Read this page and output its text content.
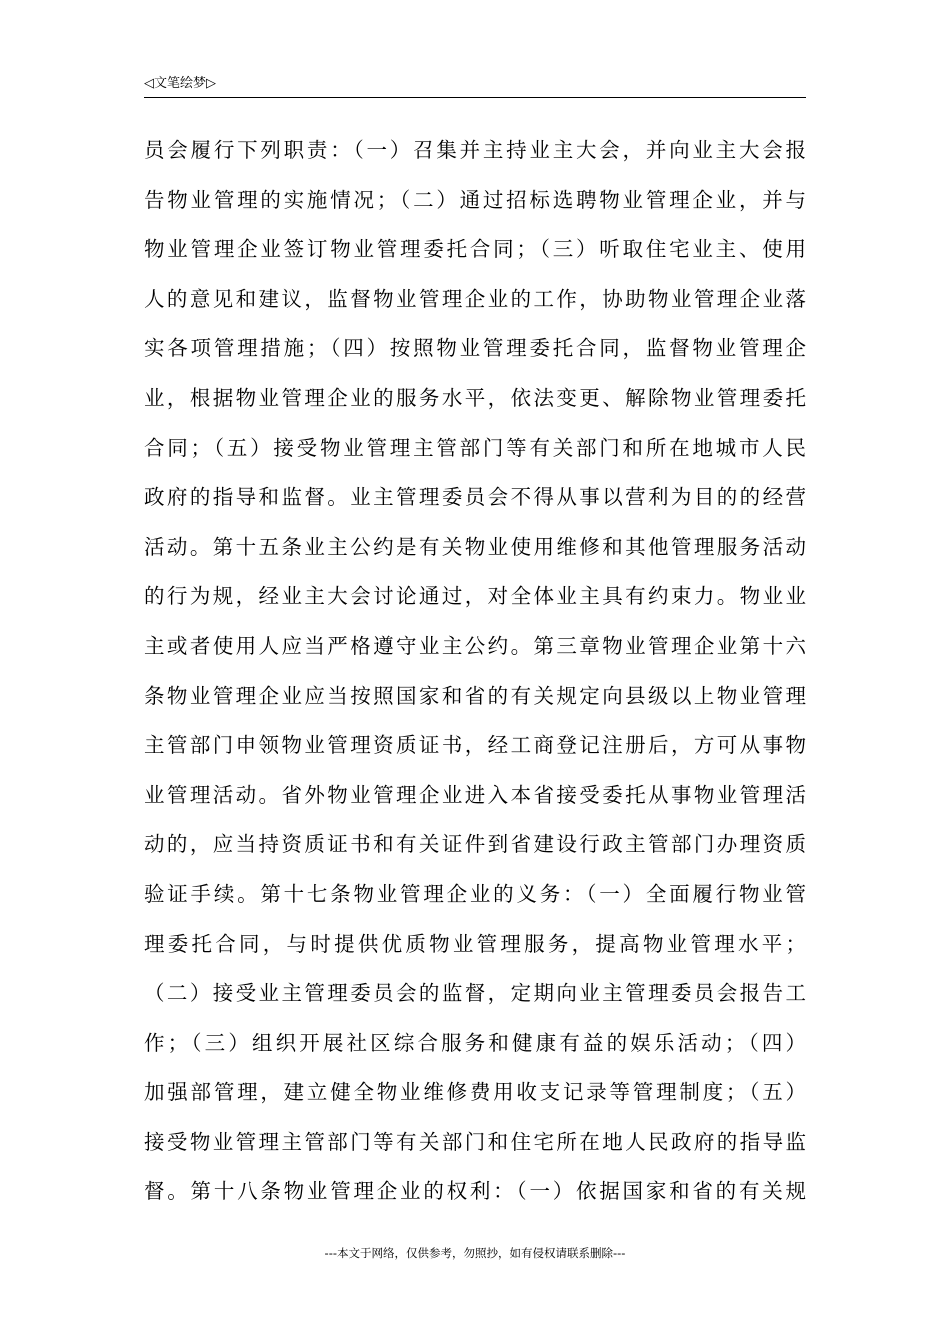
◁文笔绘梦▷
员会履行下列职责：（一）召集并主持业主大会，并向业主大会报
告物业管理的实施情况；（二）通过招标选聘物业管理企业，并与
物业管理企业签订物业管理委托合同；（三）听取住宅业主、使用
人的意见和建议，监督物业管理企业的工作，协助物业管理企业落
实各项管理措施；（四）按照物业管理委托合同，监督物业管理企
业，根据物业管理企业的服务水平，依法变更、解除物业管理委托
合同；（五）接受物业管理主管部门等有关部门和所在地城市人民
政府的指导和监督。业主管理委员会不得从事以营利为目的的经营
活动。第十五条业主公约是有关物业使用维修和其他管理服务活动
的行为规，经业主大会讨论通过，对全体业主具有约束力。物业业
主或者使用人应当严格遵守业主公约。第三章物业管理企业第十六
条物业管理企业应当按照国家和省的有关规定向县级以上物业管理
主管部门申领物业管理资质证书，经工商登记注册后，方可从事物
业管理活动。省外物业管理企业进入本省接受委托从事物业管理活
动的，应当持资质证书和有关证件到省建设行政主管部门办理资质
验证手续。第十七条物业管理企业的义务：（一）全面履行物业管
理委托合同，与时提供优质物业管理服务，提高物业管理水平；
（二）接受业主管理委员会的监督，定期向业主管理委员会报告工
作；（三）组织开展社区综合服务和健康有益的娱乐活动；（四）
加强部管理，建立健全物业维修费用收支记录等管理制度；（五）
接受物业管理主管部门等有关部门和住宅所在地人民政府的指导监
督。第十八条物业管理企业的权利：（一）依据国家和省的有关规
---本文于网络，仅供参考，勿照抄，如有侵权请联系删除---
